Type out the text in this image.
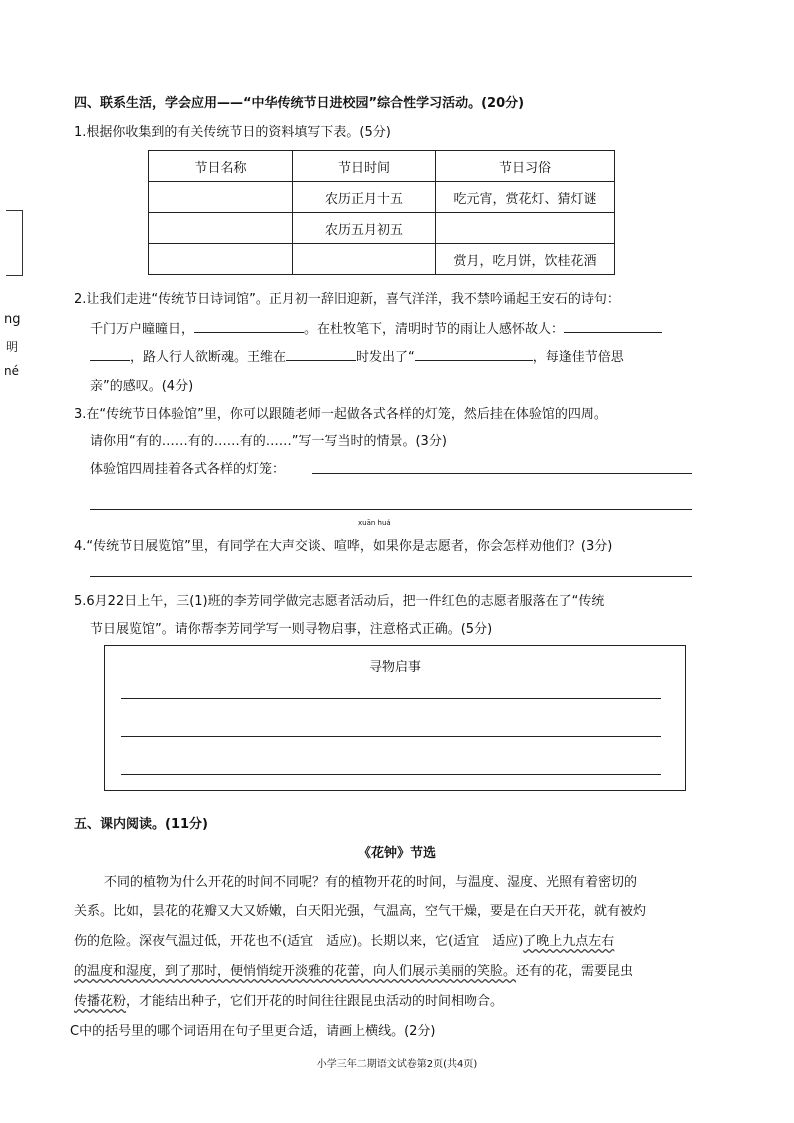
ng
明
né
四、联系生活，学会应用——“中华传统节日进校园”综合性学习活动。(20分)
1.根据你收集到的有关传统节日的资料填写下表。(5分)
节日名称	节日时间	节日习俗
	农历正月十五	吃元宵，赏花灯、猜灯谜
	农历五月初五	
		赏月，吃月饼，饮桂花酒
2.让我们走进“传统节日诗词馆”。正月初一辞旧迎新，喜气洋洋，我不禁吟诵起王安石的诗句：
千门万户曈曈日，	。在杜牧笔下，清明时节的雨让人感怀故人：
，路人行人欲断魂。王维在	时发出了“	，每逢佳节倍思
亲”的感叹。(4分)
3.在“传统节日体验馆”里，你可以跟随老师一起做各式各样的灯笼，然后挂在体验馆的四周。
请你用“有的……有的……有的……”写一写当时的情景。(3分)
体验馆四周挂着各式各样的灯笼：
xuān huá
4.“传统节日展览馆”里，有同学在大声交谈、喧哗，如果你是志愿者，你会怎样劝他们？(3分)
5.6月22日上午，三(1)班的李芳同学做完志愿者活动后，把一件红色的志愿者服落在了“传统
节日展览馆”。请你帮李芳同学写一则寻物启事，注意格式正确。(5分)
寻物启事
五、课内阅读。(11分)
《花钟》节选
不同的植物为什么开花的时间不同呢？有的植物开花的时间，与温度、湿度、光照有着密切的
关系。比如，昙花的花瓣又大又娇嫩，白天阳光强，气温高，空气干燥，要是在白天开花，就有被灼
伤的危险。深夜气温过低，开花也不(适宜　适应)。长期以来，它(适宜　适应)了晚上九点左右
的温度和湿度，到了那时，便悄悄绽开淡雅的花蕾，向人们展示美丽的笑脸。还有的花，需要昆虫
传播花粉，才能结出种子，它们开花的时间往往跟昆虫活动的时间相吻合。
C中的括号里的哪个词语用在句子里更合适，请画上横线。(2分)
小学三年二期语文试卷第2页(共4页)
